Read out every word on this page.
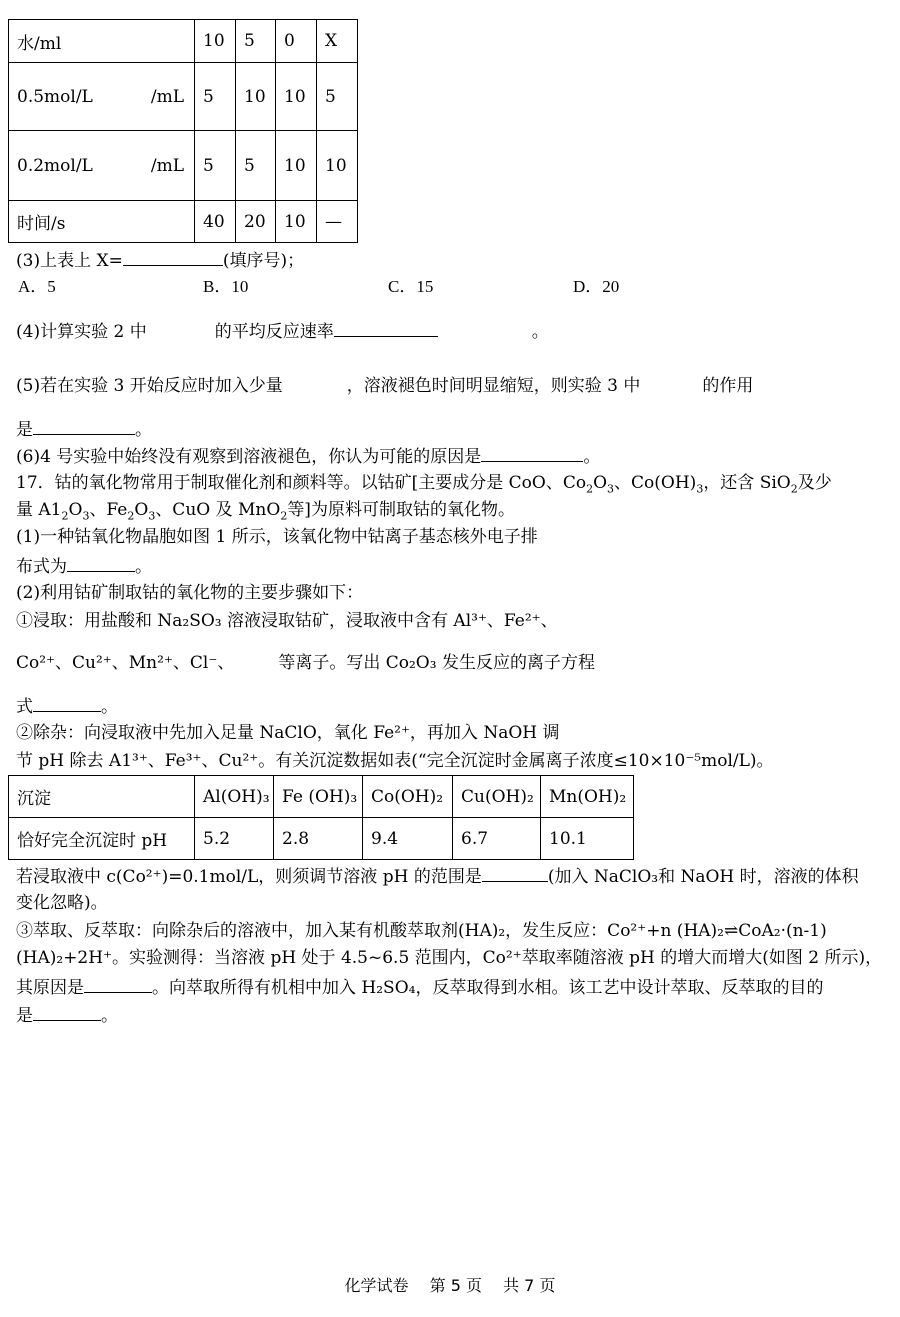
水/ml	10	5	0	X
0.5mol/L /mL	5	10	10	5
0.2mol/L /mL	5	5	10	10
时间/s	40	20	10	—
(3)上表上 X=	(填序号)；
A．5	B．10	C．15	D．20
(4)计算实验 2 中	的平均反应速率	。
(5)若在实验 3 开始反应时加入少量	，溶液褪色时间明显缩短，则实验 3 中	的作用
是	。
(6)4 号实验中始终没有观察到溶液褪色，你认为可能的原因是	。
17．钴的氧化物常用于制取催化剂和颜料等。以钴矿[主要成分是 CoO、$Co_2O_3$、$Co(OH)_3$，还含 SiO$_2$及少
量 $A1_2O_3$、$Fe_2O_3$、CuO 及 MnO$_2$等]为原料可制取钴的氧化物。
(1)一种钴氧化物晶胞如图 1 所示，该氧化物中钴离子基态核外电子排
布式为	。
(2)利用钴矿制取钴的氧化物的主要步骤如下：
①浸取：用盐酸和 Na₂SO₃ 溶液浸取钴矿，浸取液中含有 Al³⁺、Fe²⁺、
Co²⁺、Cu²⁺、Mn²⁺、Cl⁻、	等离子。写出 Co₂O₃ 发生反应的离子方程
式	。
②除杂：向浸取液中先加入足量 NaClO，氧化 Fe²⁺，再加入 NaOH 调
节 pH 除去 A1³⁺、Fe³⁺、Cu²⁺。有关沉淀数据如表(“完全沉淀时金属离子浓度≤10×10⁻⁵mol/L)。
沉淀	Al(OH)₃	Fe (OH)₃	Co(OH)₂	Cu(OH)₂	Mn(OH)₂
恰好完全沉淀时 pH	5.2	2.8	9.4	6.7	10.1
若浸取液中 c(Co²⁺)=0.1mol/L，则须调节溶液 pH 的范围是	(加入 NaClO₃和 NaOH 时，溶液的体积
变化忽略)。
③萃取、反萃取：向除杂后的溶液中，加入某有机酸萃取剂(HA)₂，发生反应：Co²⁺+n (HA)₂⇌CoA₂·(n-1)
(HA)₂+2H⁺。实验测得：当溶液 pH 处于 4.5~6.5 范围内，Co²⁺萃取率随溶液 pH 的增大而增大(如图 2 所示)，
其原因是	。向萃取所得有机相中加入 H₂SO₄，反萃取得到水相。该工艺中设计萃取、反萃取的目的
是	。
化学试卷　 第 5 页　 共 7 页
